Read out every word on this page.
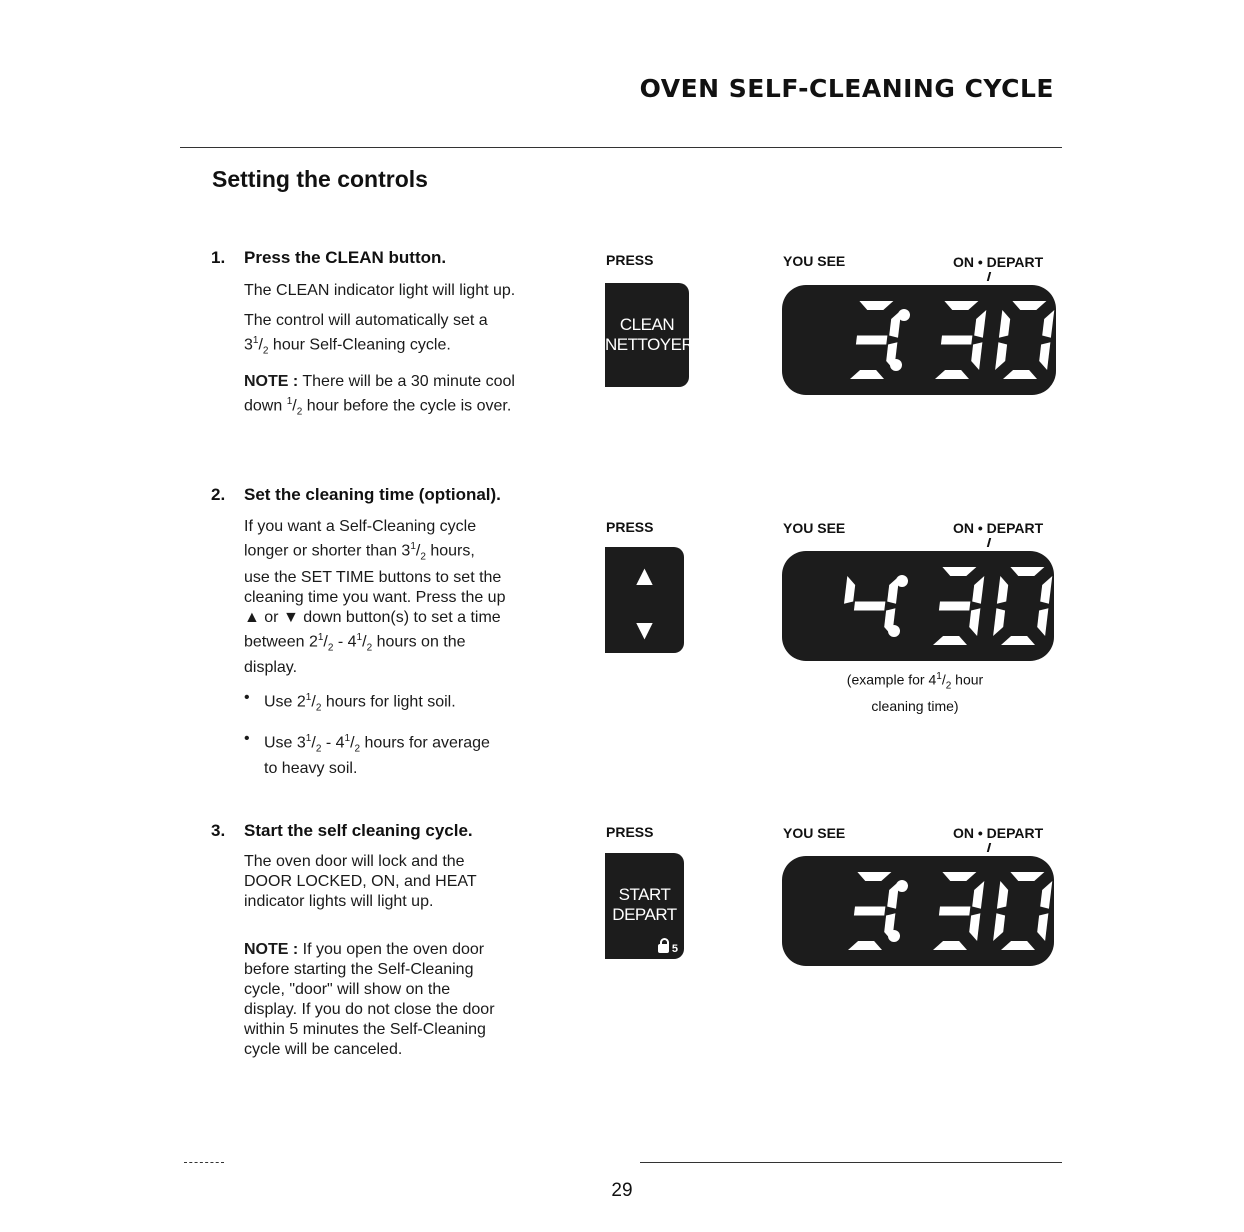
OVEN SELF-CLEANING CYCLE
Setting the controls
1. Press the CLEAN button.

The CLEAN indicator light will light up.

The control will automatically set a
$3^1/_2$ hour Self-Cleaning cycle.

NOTE : There will be a 30 minute cool
down $^1/_2$ hour before the cycle is over.

PRESS
CLEAN
NETTOYER
YOU SEE	ON • DEPART
2. Set the cleaning time (optional).

If you want a Self-Cleaning cycle
longer or shorter than $3^1/_2$ hours,
use the SET TIME buttons to set the
cleaning time you want. Press the up
▲ or ▼ down button(s) to set a time
between $2^1/_2 - 4^1/_2$ hours on the
display.

• Use $2^1/_2$ hours for light soil.
• Use $3^1/_2 - 4^1/_2$ hours for average
to heavy soil.
PRESS
▲
▼
YOU SEE	ON • DEPART
(example for $4^1/_2$ hour
cleaning time)
3. Start the self cleaning cycle.

The oven door will lock and the
DOOR LOCKED, ON, and HEAT
indicator lights will light up.

NOTE : If you open the oven door
before starting the Self-Cleaning
cycle, "door" will show on the
display. If you do not close the door
within 5 minutes the Self-Cleaning
cycle will be canceled.

PRESS
START
DEPART
5
YOU SEE	ON • DEPART
29
